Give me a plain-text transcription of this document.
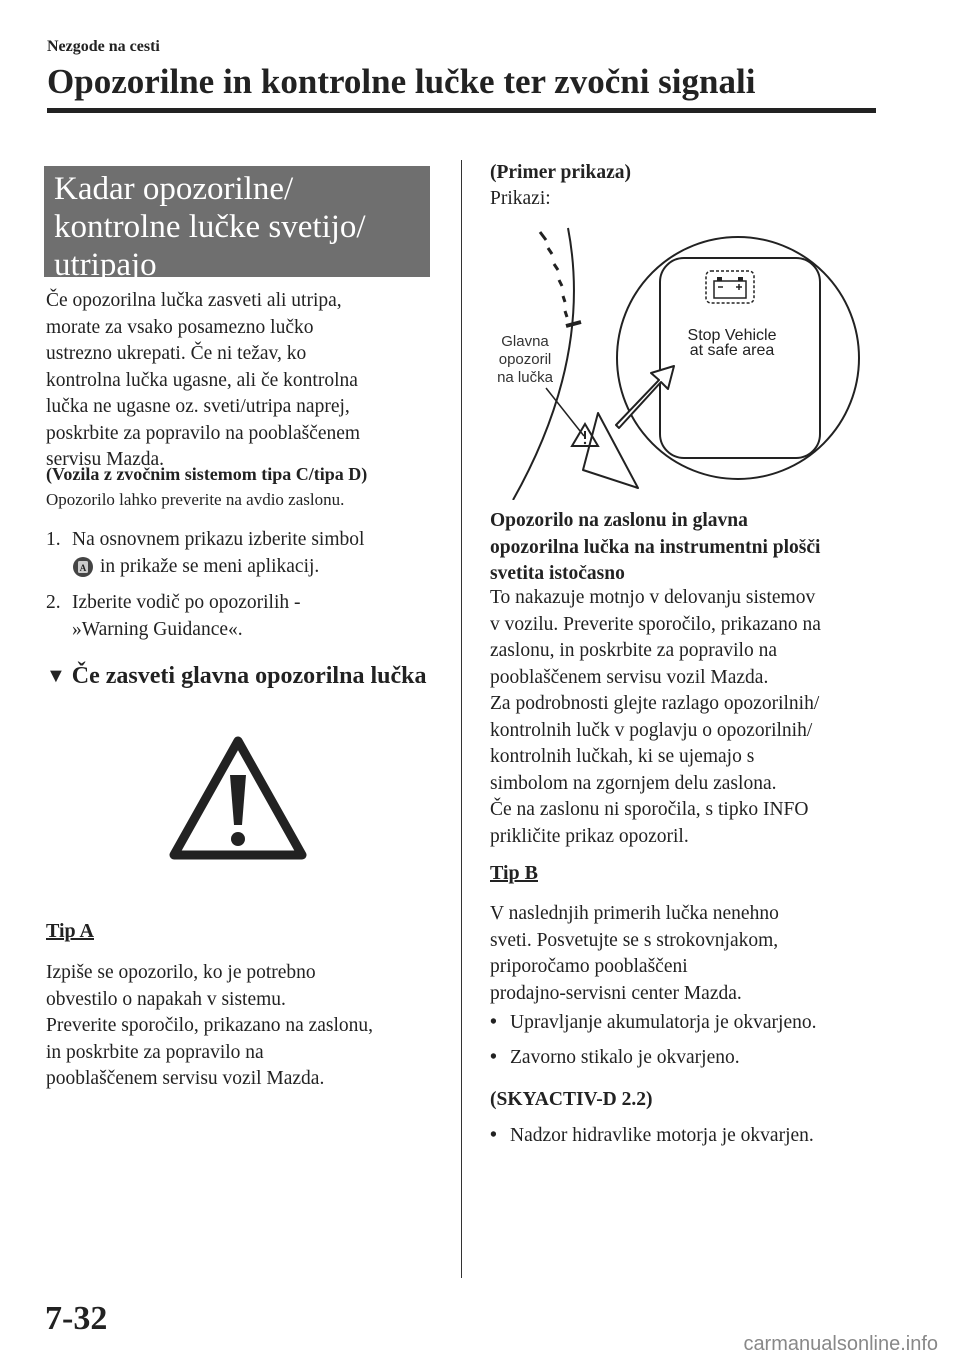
Nezgode na cesti
Opozorilne in kontrolne lučke ter zvočni signali
Kadar opozorilne/
kontrolne lučke svetijo/
utripajo
Če opozorilna lučka zasveti ali utripa,
morate za vsako posamezno lučko
ustrezno ukrepati. Če ni težav, ko
kontrolna lučka ugasne, ali če kontrolna
lučka ne ugasne oz. sveti/utripa naprej,
poskrbite za popravilo na pooblaščenem
servisu Mazda.
(Vozila z zvočnim sistemom tipa C/tipa D)
Opozorilo lahko preverite na avdio zaslonu.
1. Na osnovnem prikazu izberite simbol
A in prikaže se meni aplikacij.
2. Izberite vodič po opozorilih -
»Warning Guidance«.
▼ Če zasveti glavna opozorilna lučka
Tip A
Izpiše se opozorilo, ko je potrebno
obvestilo o napakah v sistemu.
Preverite sporočilo, prikazano na zaslonu,
in poskrbite za popravilo na
pooblaščenem servisu vozil Mazda.
(Primer prikaza)
Prikazi:
Stop Vehicle
at safe area
Glavna
opozoril
na lučka
Opozorilo na zaslonu in glavna
opozorilna lučka na instrumentni plošči
svetita istočasno
To nakazuje motnjo v delovanju sistemov
v vozilu. Preverite sporočilo, prikazano na
zaslonu, in poskrbite za popravilo na
pooblaščenem servisu vozil Mazda.
Za podrobnosti glejte razlago opozorilnih/
kontrolnih lučk v poglavju o opozorilnih/
kontrolnih lučkah, ki se ujemajo s
simbolom na zgornjem delu zaslona.
Če na zaslonu ni sporočila, s tipko INFO
prikličite prikaz opozoril.
Tip B
V naslednjih primerih lučka nenehno
sveti. Posvetujte se s strokovnjakom,
priporočamo pooblaščeni
prodajno-servisni center Mazda.
• Upravljanje akumulatorja je okvarjeno.
• Zavorno stikalo je okvarjeno.
(SKYACTIV-D 2.2)
• Nadzor hidravlike motorja je okvarjen.
7-32
carmanualsonline.info
